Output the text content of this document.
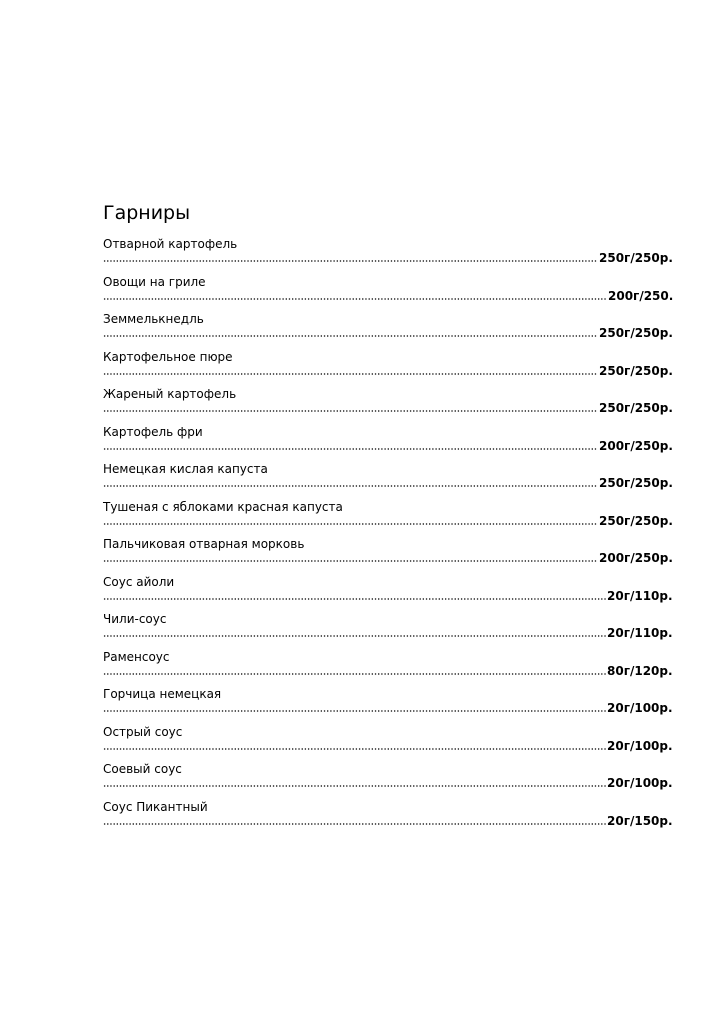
Гарниры
Отварной картофель
250г/250р.
Овощи на гриле
200г/250.
Земмелькнедль
250г/250р.
Картофельное пюре
250г/250р.
Жареный картофель
250г/250р.
Картофель фри
200г/250р.
Немецкая кислая капуста
250г/250р.
Тушеная с яблоками красная капуста
250г/250р.
Пальчиковая отварная морковь
200г/250р.
Соус айоли
20г/110р.
Чили-соус
20г/110р.
Раменсоус
80г/120р.
Горчица немецкая
20г/100р.
Острый соус
20г/100р.
Соевый соус
20г/100р.
Соус Пикантный
20г/150р.
